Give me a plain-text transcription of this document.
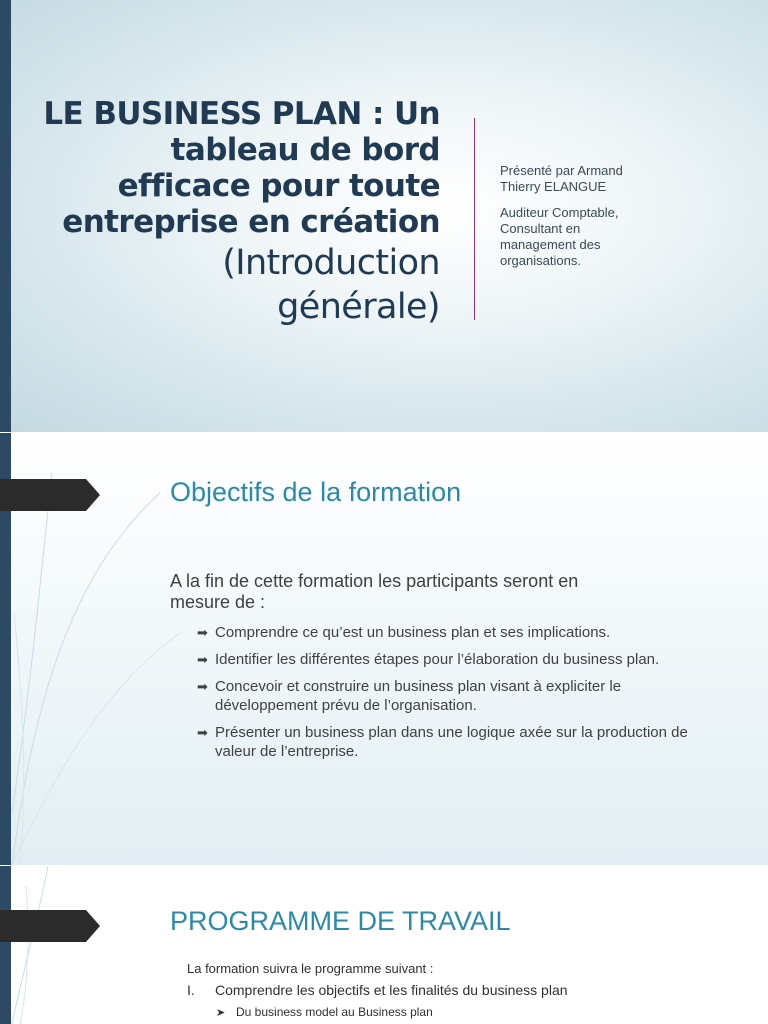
LE BUSINESS PLAN : Un
tableau de bord
efficace pour toute
entreprise en création
(Introduction
générale)

Présenté par Armand
Thierry ELANGUE

Auditeur Comptable,
Consultant en
management des
organisations.

Objectifs de la formation
A la fin de cette formation les participants seront en
mesure de :
➡ Comprendre ce qu’est un business plan et ses implications.
➡ Identifier les différentes étapes pour l’élaboration du business plan.
➡ Concevoir et construire un business plan visant à expliciter le développement prévu de l’organisation.
➡ Présenter un business plan dans une logique axée sur la production de valeur de l’entreprise.
PROGRAMME DE TRAVAIL
La formation suivra le programme suivant :
I. Comprendre les objectifs et les finalités du business plan
➤ Du business model au Business plan
